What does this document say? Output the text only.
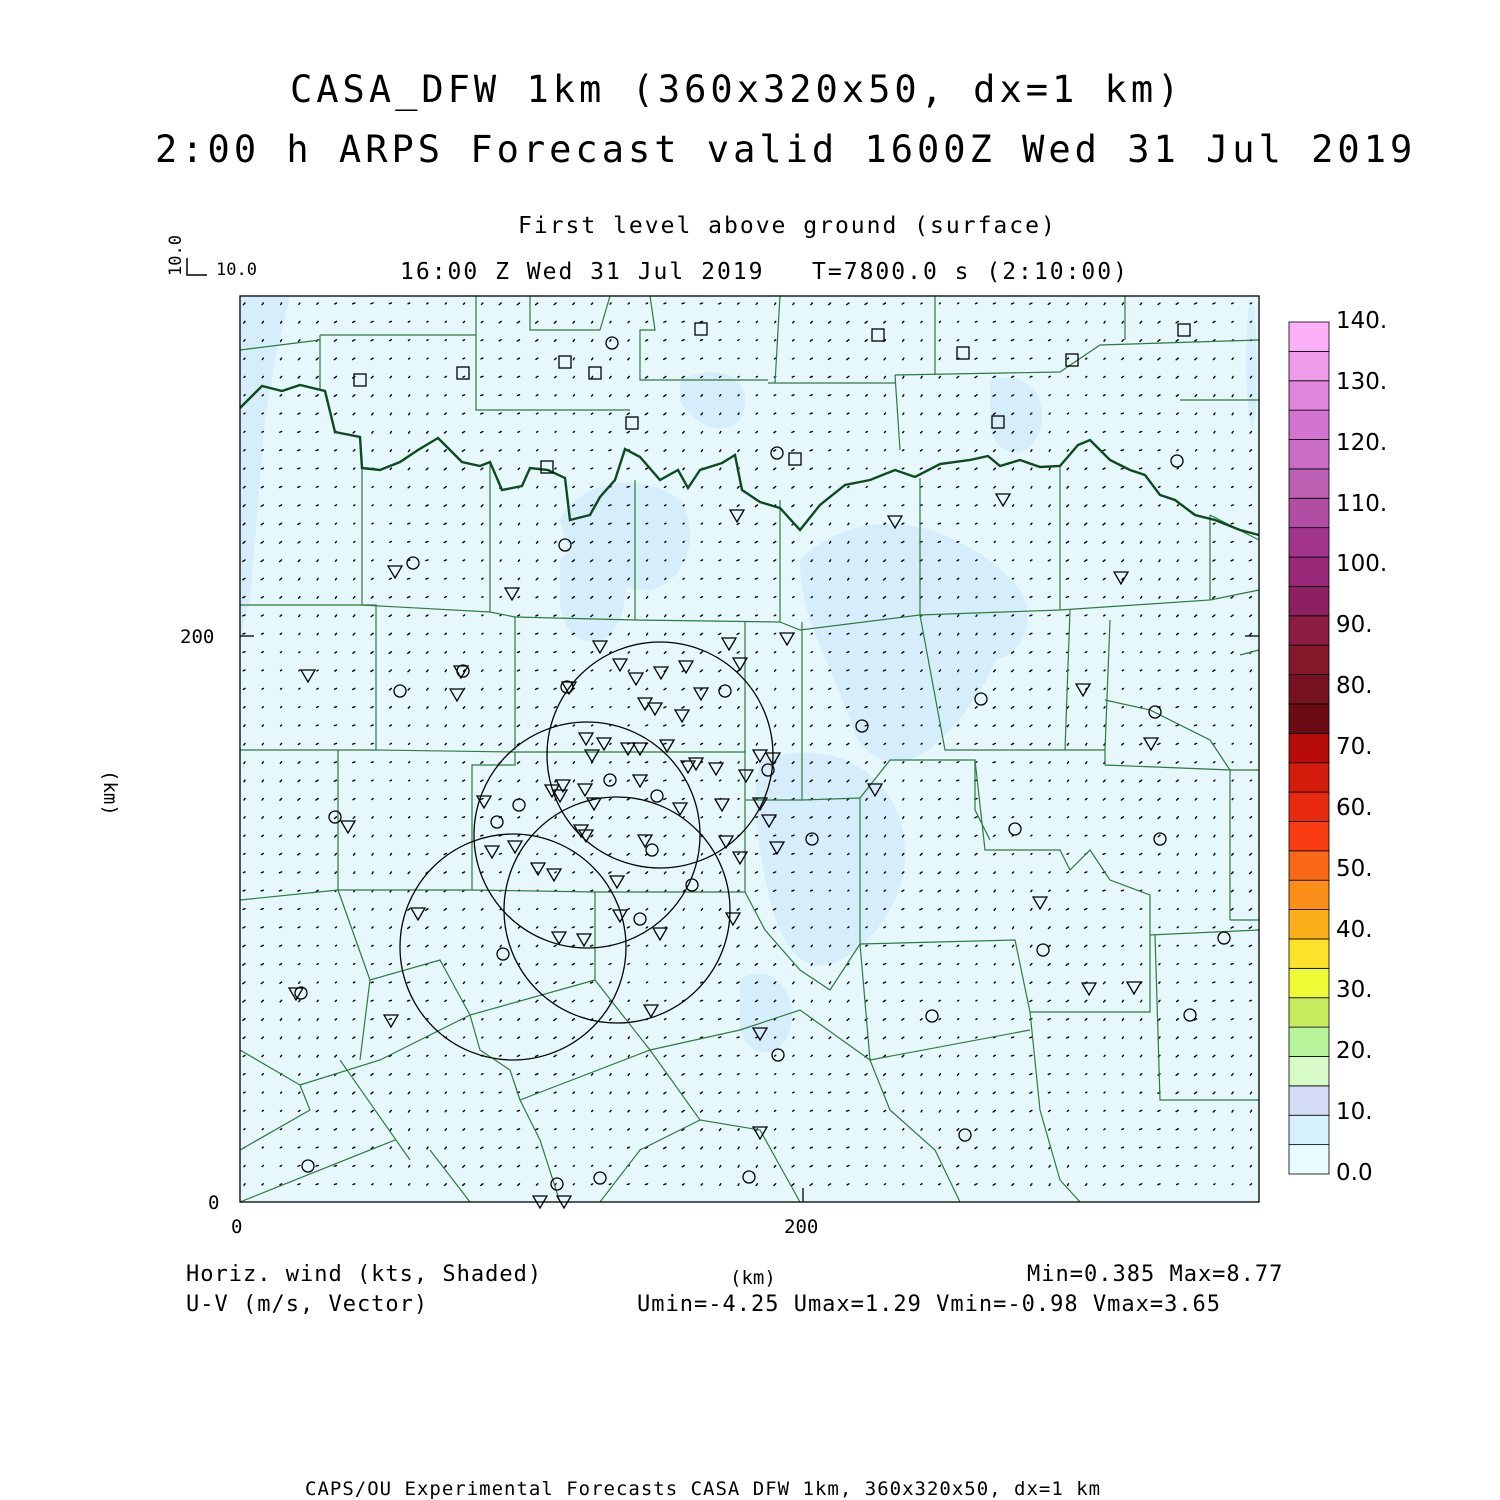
CASA_DFW 1km (360x320x50, dx=1 km)
2:00 h ARPS Forecast valid 1600Z Wed 31 Jul 2019
First level above ground (surface)
16:00 Z Wed 31 Jul 2019   T=7800.0 s (2:10:00)
10.0
10.0
(km)
(km)
0	200
0
200
Horiz. wind (kts, Shaded)
U-V (m/s, Vector)
Min=0.385 Max=8.77
Umin=-4.25 Umax=1.29 Vmin=-0.98 Vmax=3.65
CAPS/OU Experimental Forecasts CASA DFW 1km, 360x320x50, dx=1 km
0.0
10.
20.
30.
40.
50.
60.
70.
80.
90.
100.
110.
120.
130.
140.
